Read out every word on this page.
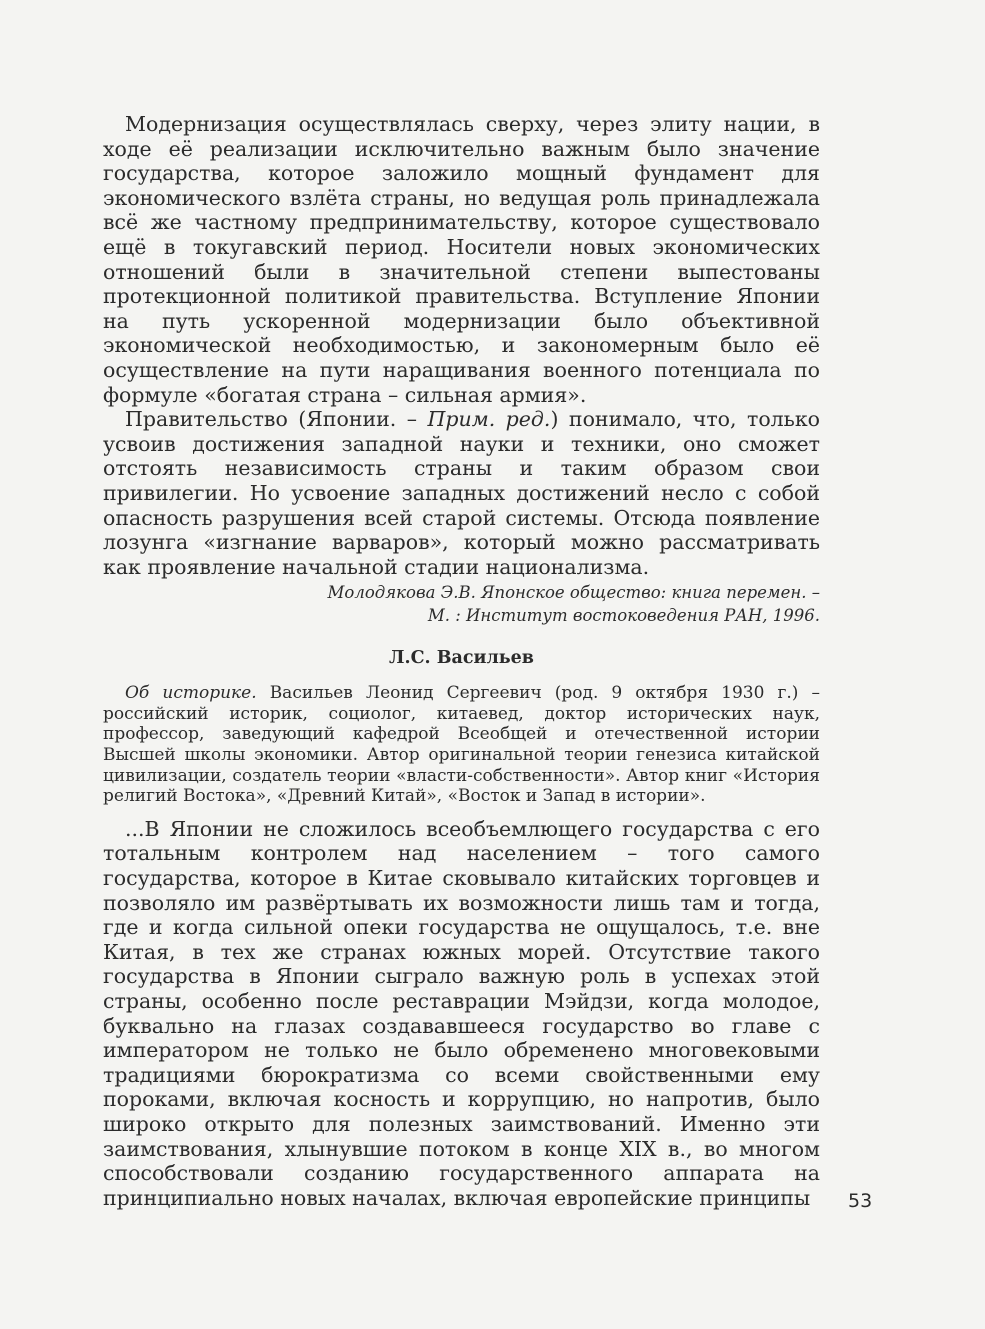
Модернизация осуществлялась сверху, через элиту нации, в ходе её реализации исключительно важным было значение государства, которое заложило мощный фундамент для экономического взлёта страны, но ведущая роль принадлежала всё же частному предпринимательству, которое существовало ещё в токугавский период. Носители новых экономических отношений были в значительной степени выпестованы протекционной политикой правительства. Вступление Японии на путь ускоренной модернизации было объективной экономической необходимостью, и закономерным было её осуществление на пути наращивания военного потенциала по формуле «богатая страна – сильная армия».

Правительство (Японии. – Прим. ред.) понимало, что, только усвоив достижения западной науки и техники, оно сможет отстоять независимость страны и таким образом свои привилегии. Но усвоение западных достижений несло с собой опасность разрушения всей старой системы. Отсюда появление лозунга «изгнание варваров», который можно рассматривать как проявление начальной стадии национализма.

Молодякова Э.В. Японское общество: книга перемен. –
М. : Институт востоковедения РАН, 1996.
Л.С. Васильев

Об историке. Васильев Леонид Сергеевич (род. 9 октября 1930 г.) – российский историк, социолог, китаевед, доктор исторических наук, профессор, заведующий кафедрой Всеобщей и отечественной истории Высшей школы экономики. Автор оригинальной теории генезиса китайской цивилизации, создатель теории «власти-собственности». Автор книг «История религий Востока», «Древний Китай», «Восток и Запад в истории».

...В Японии не сложилось всеобъемлющего государства с его тотальным контролем над населением – того самого государства, которое в Китае сковывало китайских торговцев и позволяло им развёртывать их возможности лишь там и тогда, где и когда сильной опеки государства не ощущалось, т.е. вне Китая, в тех же странах южных морей. Отсутствие такого государства в Японии сыграло важную роль в успехах этой страны, особенно после реставрации Мэйдзи, когда молодое, буквально на глазах создававшееся государство во главе с императором не только не было обременено многовековыми традициями бюрократизма со всеми свойственными ему пороками, включая косность и коррупцию, но напротив, было широко открыто для полезных заимствований. Именно эти заимствования, хлынувшие потоком в конце XIX в., во многом способствовали созданию государственного аппарата на принципиально новых началах, включая европейские принципы	53
